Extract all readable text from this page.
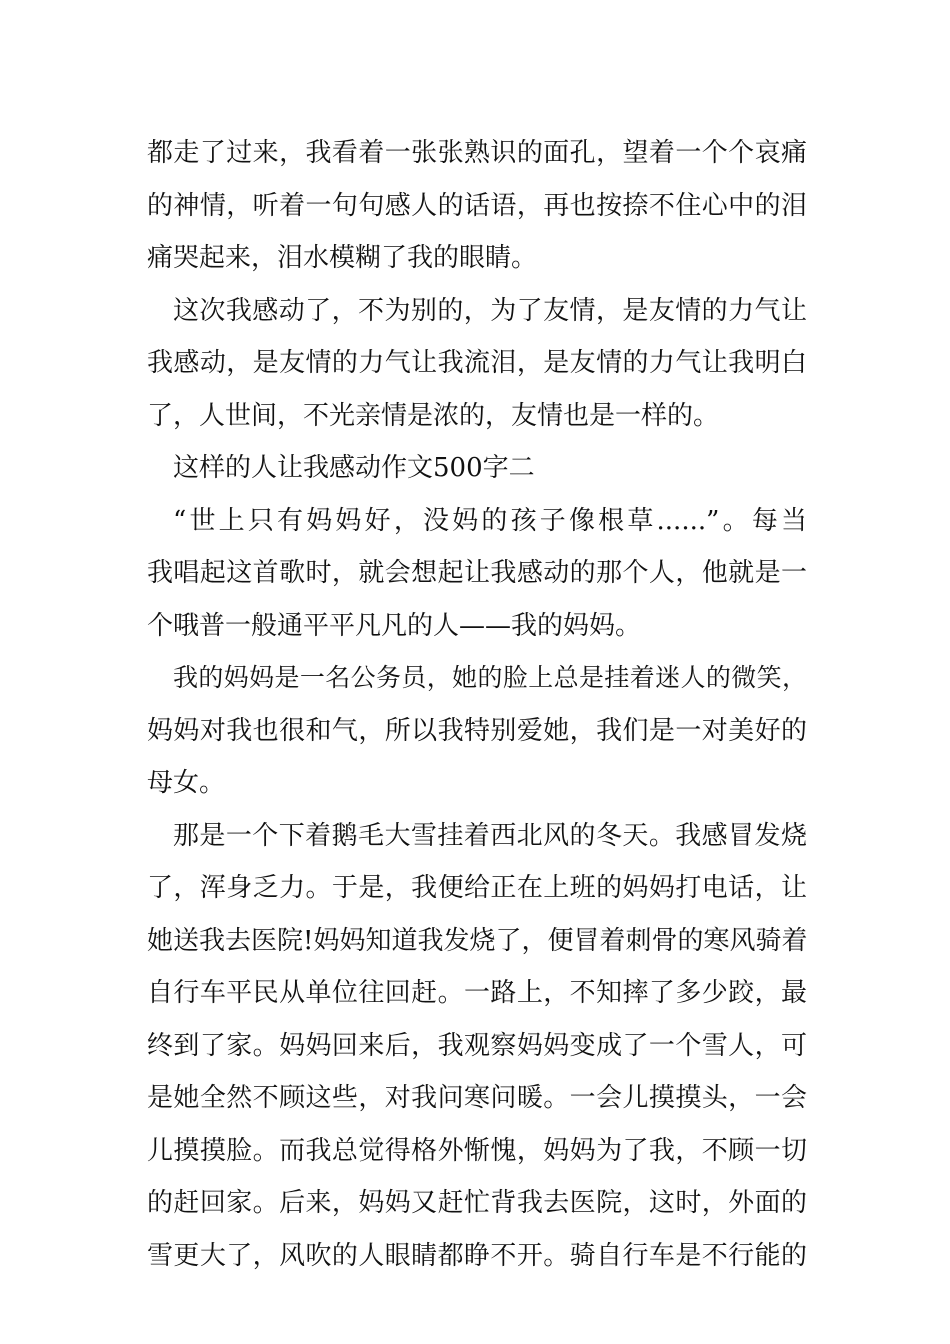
都走了过来，我看着一张张熟识的面孔，望着一个个哀痛
的神情，听着一句句感人的话语，再也按捺不住心中的泪
痛哭起来，泪水模糊了我的眼睛。
这次我感动了，不为别的，为了友情，是友情的力气让
我感动，是友情的力气让我流泪，是友情的力气让我明白
了，人世间，不光亲情是浓的，友情也是一样的。
这样的人让我感动作文500字二
“世上只有妈妈好，没妈的孩子像根草......”。每当
我唱起这首歌时，就会想起让我感动的那个人，他就是一
个哦普一般通平平凡凡的人——我的妈妈。
我的妈妈是一名公务员，她的脸上总是挂着迷人的微笑，
妈妈对我也很和气，所以我特别爱她，我们是一对美好的
母女。
那是一个下着鹅毛大雪挂着西北风的冬天。我感冒发烧
了，浑身乏力。于是，我便给正在上班的妈妈打电话，让
她送我去医院!妈妈知道我发烧了，便冒着刺骨的寒风骑着
自行车平民从单位往回赶。一路上，不知摔了多少跤，最
终到了家。妈妈回来后，我观察妈妈变成了一个雪人，可
是她全然不顾这些，对我问寒问暖。一会儿摸摸头，一会
儿摸摸脸。而我总觉得格外惭愧，妈妈为了我，不顾一切
的赶回家。后来，妈妈又赶忙背我去医院，这时，外面的
雪更大了，风吹的人眼睛都睁不开。骑自行车是不行能的
